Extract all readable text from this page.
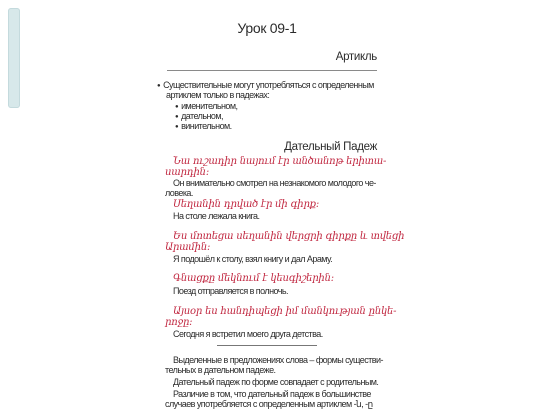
Урок 09-1
Артикль
● Существительные могут употребляться с определенным
артиклем только в падежах:
● именительном,
● дательном,
● винительном.
Дательный Падеж
Նա ուշադիր նայում էր անծանոթ երիտա-
սարդին:
Он внимательно смотрел на незнакомого молодого че-
ловека.
Սեղանին դրված էր մի գիրք:
На столе лежала книга.
Ես մոտեցա սեղանին վերցրի գիրքը և տվեցի
Արամին:
Я подошёл к столу, взял книгу и дал Араму.
Գնացքը մեկնում է կեսգիշերին:
Поезд отправляется в полночь.
Այսօր ես հանդիպեցի իմ մանկության ընկե-
րոջը:
Сегодня я встретил моего друга детства.
Выделенные в предложениях слова – формы существи-
тельных в дательном падеже.
Дательный падеж по форме совпадает с родительным.
Различие в том, что дательный падеж в большинстве
случаев употребляется с определенным артиклем -ն, -ը
